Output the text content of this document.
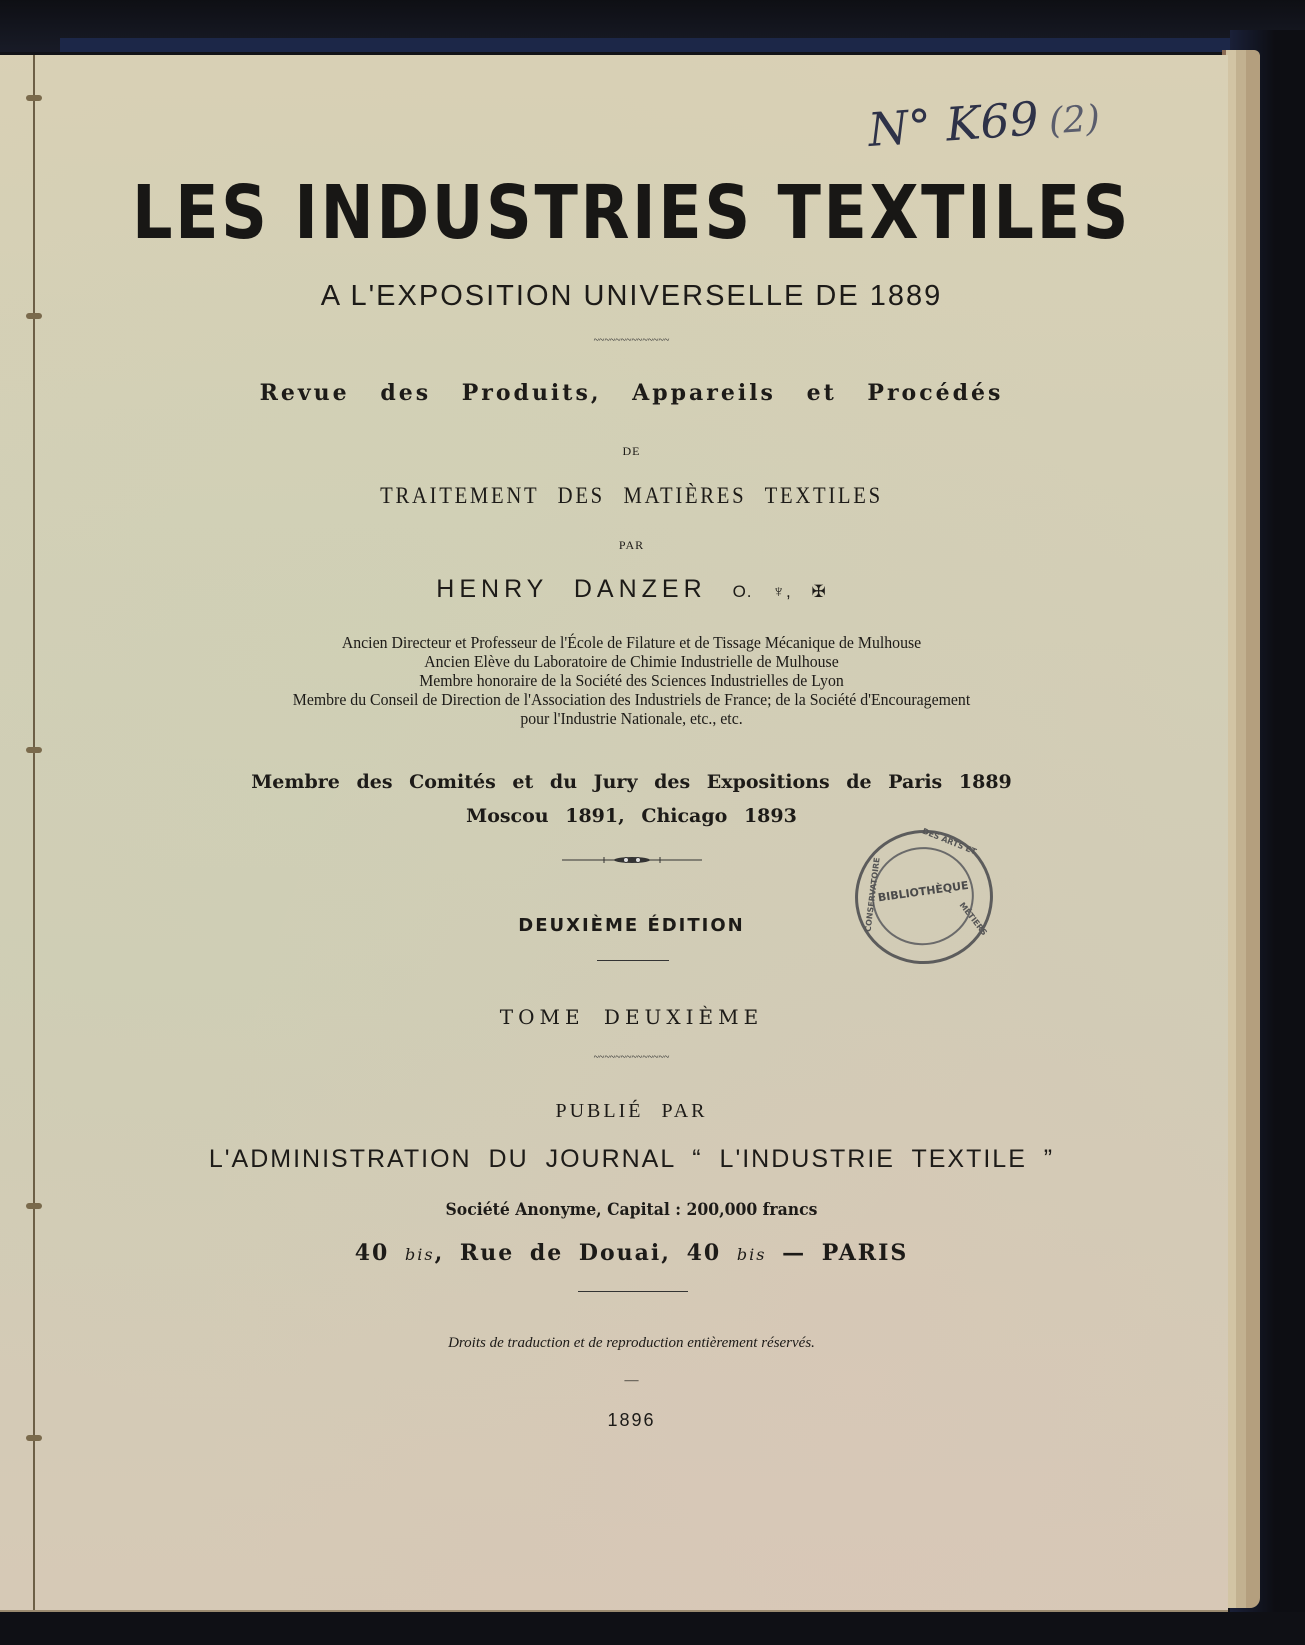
N° K69 (2)
LES INDUSTRIES TEXTILES
A L'EXPOSITION UNIVERSELLE DE 1889
~~~~~~~~~~~~~~
Revue des Produits, Appareils et Procédés
DE
TRAITEMENT DES MATIÈRES TEXTILES
PAR
HENRY DANZER O. ♆, ✠
Ancien Directeur et Professeur de l'École de Filature et de Tissage Mécanique de Mulhouse
Ancien Elève du Laboratoire de Chimie Industrielle de Mulhouse
Membre honoraire de la Société des Sciences Industrielles de Lyon
Membre du Conseil de Direction de l'Association des Industriels de France; de la Société d'Encouragement
pour l'Industrie Nationale, etc., etc.
Membre des Comités et du Jury des Expositions de Paris 1889
Moscou 1891, Chicago 1893
DES ARTS ET
CONSERVATOIRE	MÉTIERS
BIBLIOTHÈQUE
DEUXIÈME ÉDITION
TOME DEUXIÈME
~~~~~~~~~~~~~~
PUBLIÉ PAR
L'ADMINISTRATION DU JOURNAL “ L'INDUSTRIE TEXTILE ”
Société Anonyme, Capital : 200,000 francs
40 bis, Rue de Douai, 40 bis — PARIS
Droits de traduction et de reproduction entièrement réservés.
—
1896
